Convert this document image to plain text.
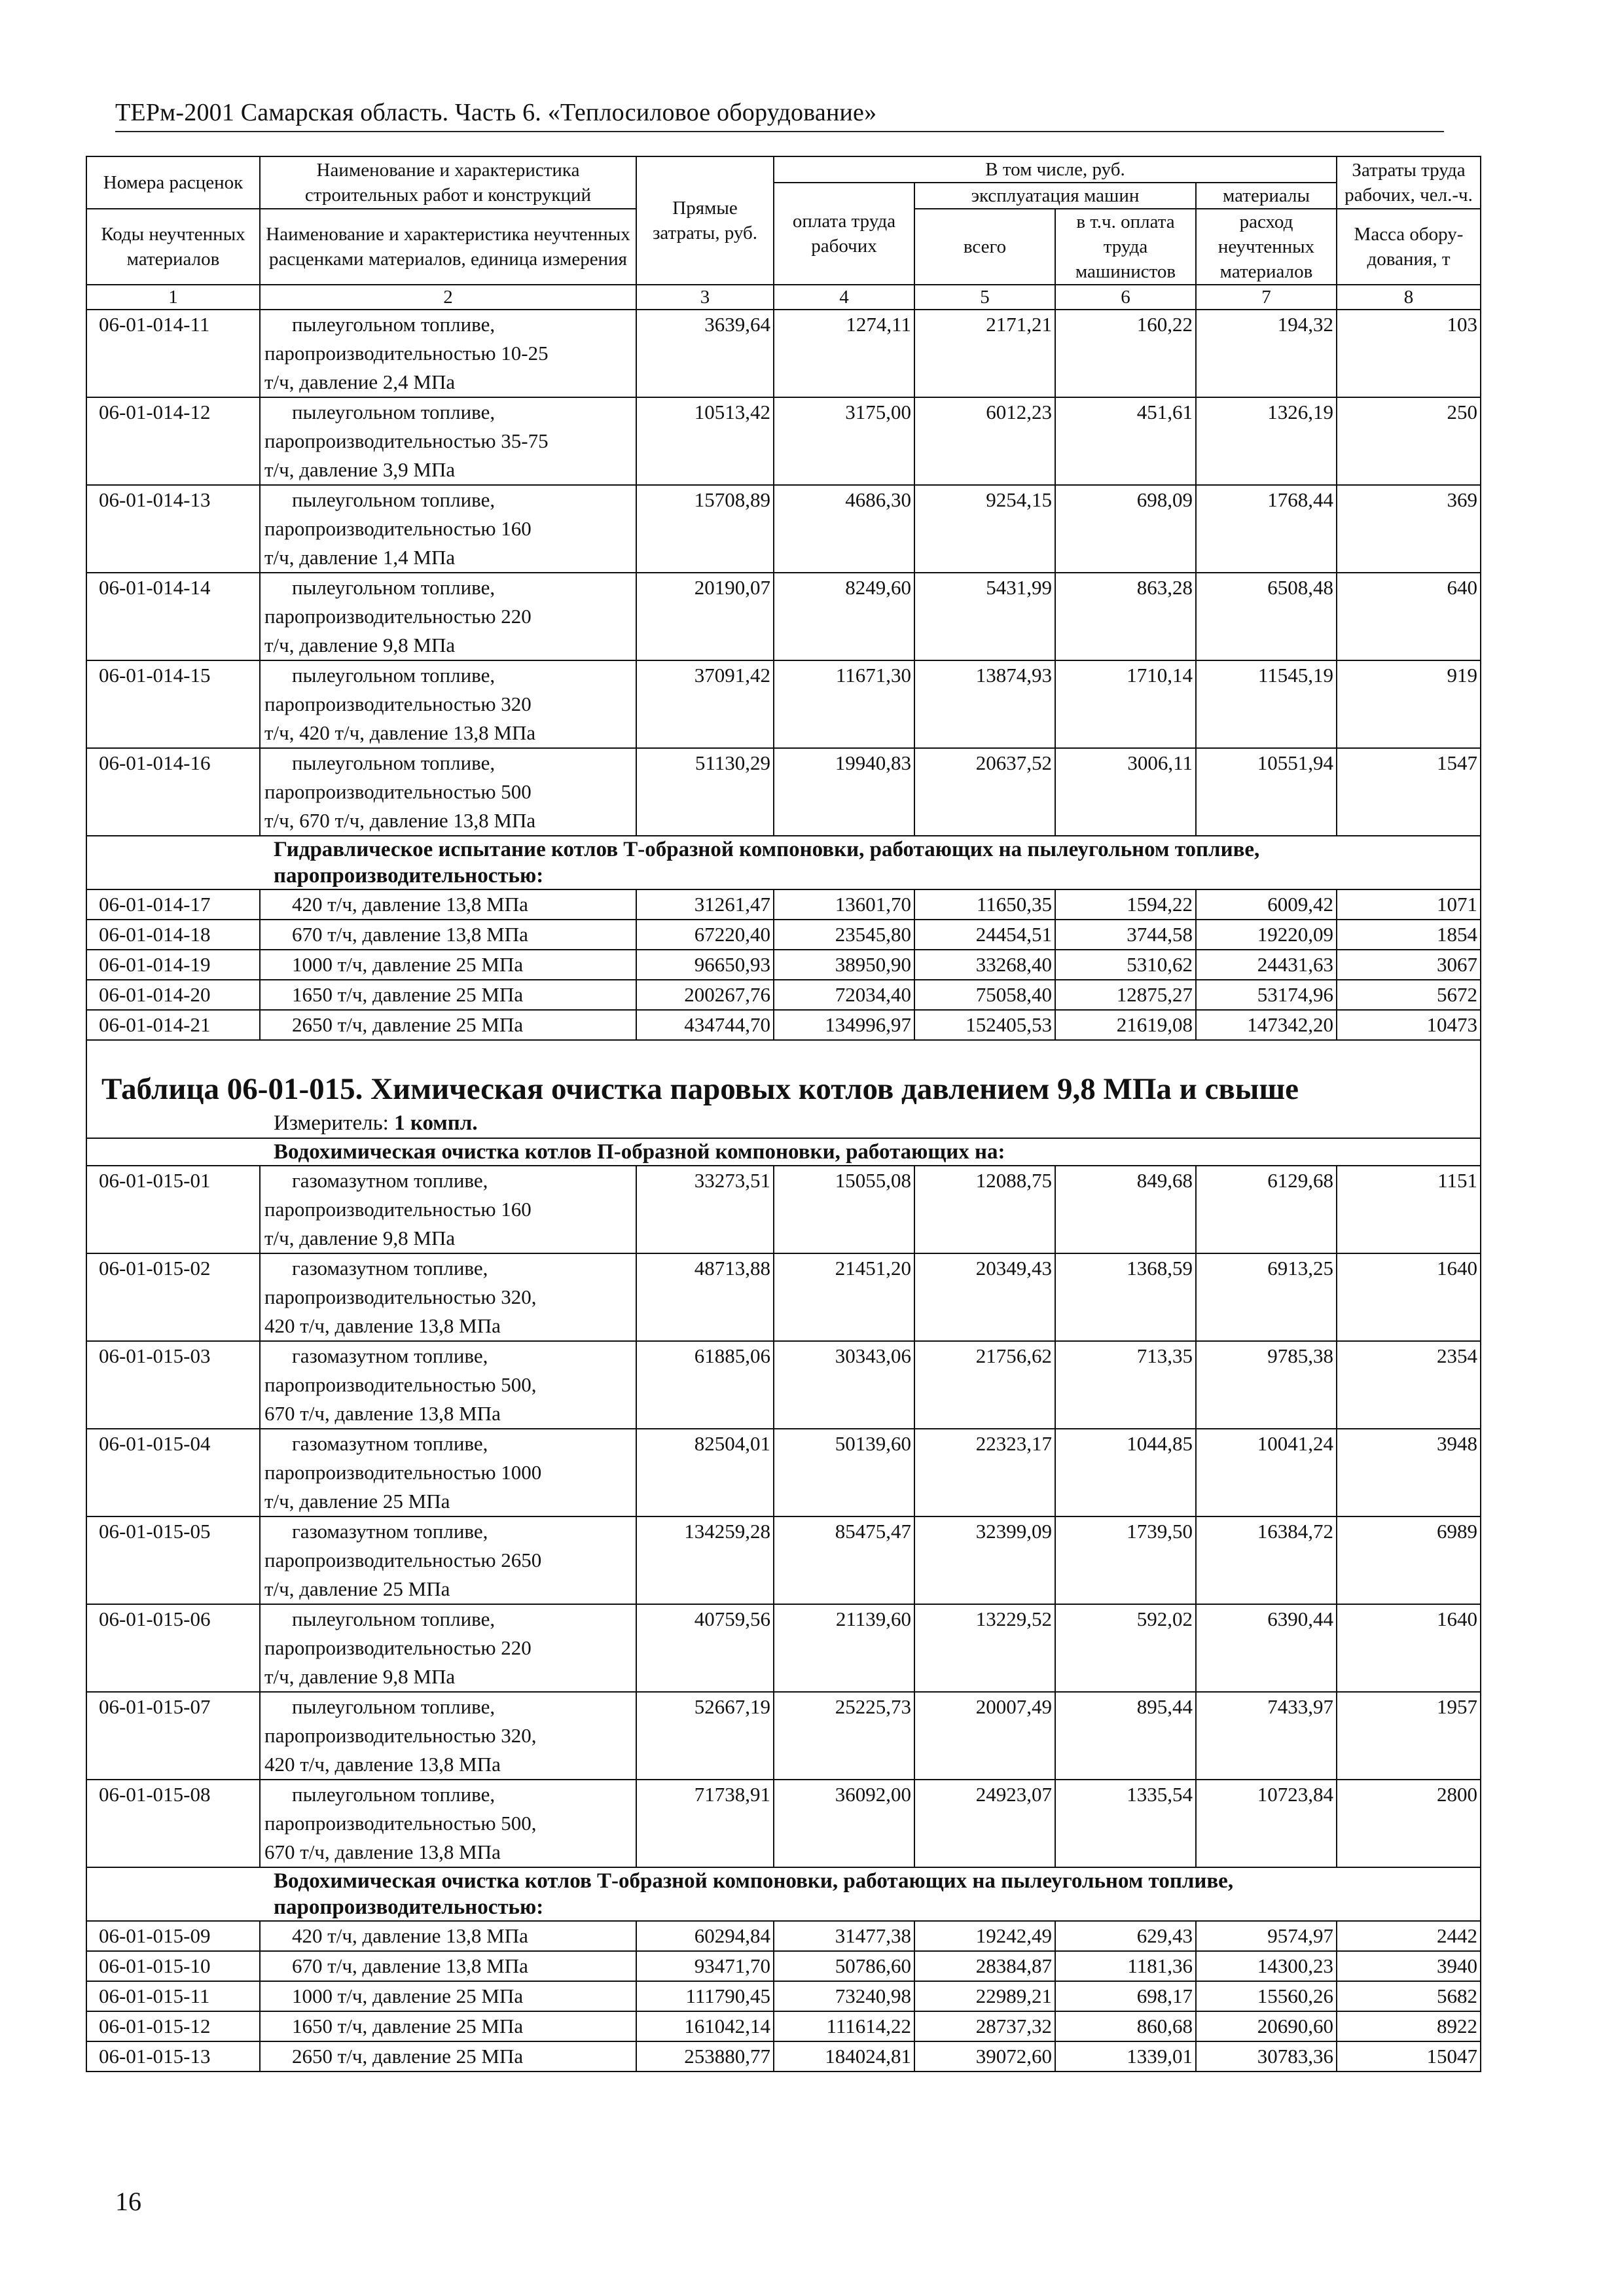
ТЕРм-2001 Самарская область. Часть 6. «Теплосиловое оборудование»
Номера расценок	Наименование и характеристика строительных работ и конструкций	Прямые затраты, руб.	В том числе, руб.				Затраты труда рабочих, чел.-ч.
			оплата труда рабочих	эксплуатация машин		материалы	
Коды неучтенных материалов	Наименование и характеристика неучтенных расценками материалов, единица измерения			всего	в т.ч. оплата труда машинистов	расход неучтенных материалов	
							Масса обору-дования, т
1	2	3	4	5	6	7	8
06-01-014-11	пылеугольном топливе,
паропроизводительностью 10-25
т/ч, давление 2,4 МПа	3639,64	1274,11	2171,21	160,22	194,32	103
06-01-014-12	пылеугольном топливе,
паропроизводительностью 35-75
т/ч, давление 3,9 МПа	10513,42	3175,00	6012,23	451,61	1326,19	250
06-01-014-13	пылеугольном топливе,
паропроизводительностью 160
т/ч, давление 1,4 МПа	15708,89	4686,30	9254,15	698,09	1768,44	369
06-01-014-14	пылеугольном топливе,
паропроизводительностью 220
т/ч, давление 9,8 МПа	20190,07	8249,60	5431,99	863,28	6508,48	640
06-01-014-15	пылеугольном топливе,
паропроизводительностью 320
т/ч, 420 т/ч, давление 13,8 МПа	37091,42	11671,30	13874,93	1710,14	11545,19	919
06-01-014-16	пылеугольном топливе,
паропроизводительностью 500
т/ч, 670 т/ч, давление 13,8 МПа	51130,29	19940,83	20637,52	3006,11	10551,94	1547

Гидравлическое испытание котлов Т-образной компоновки, работающих на пылеугольном топливе,
паропроизводительностью:							

06-01-014-17	420 т/ч, давление 13,8 МПа	31261,47	13601,70	11650,35	1594,22	6009,42	1071
06-01-014-18	670 т/ч, давление 13,8 МПа	67220,40	23545,80	24454,51	3744,58	19220,09	1854
06-01-014-19	1000 т/ч, давление 25 МПа	96650,93	38950,90	33268,40	5310,62	24431,63	3067
06-01-014-20	1650 т/ч, давление 25 МПа	200267,76	72034,40	75058,40	12875,27	53174,96	5672
06-01-014-21	2650 т/ч, давление 25 МПа	434744,70	134996,97	152405,53	21619,08	147342,20	10473

Таблица 06-01-015. Химическая очистка паровых котлов давлением 9,8 МПа и свыше
Измеритель: 1 компл.							

Водохимическая очистка котлов П-образной компоновки, работающих на:							
06-01-015-01	газомазутном топливе,
паропроизводительностью 160
т/ч, давление 9,8 МПа	33273,51	15055,08	12088,75	849,68	6129,68	1151
06-01-015-02	газомазутном топливе,
паропроизводительностью 320,
420 т/ч, давление 13,8 МПа	48713,88	21451,20	20349,43	1368,59	6913,25	1640
06-01-015-03	газомазутном топливе,
паропроизводительностью 500,
670 т/ч, давление 13,8 МПа	61885,06	30343,06	21756,62	713,35	9785,38	2354
06-01-015-04	газомазутном топливе,
паропроизводительностью 1000
т/ч, давление 25 МПа	82504,01	50139,60	22323,17	1044,85	10041,24	3948
06-01-015-05	газомазутном топливе,
паропроизводительностью 2650
т/ч, давление 25 МПа	134259,28	85475,47	32399,09	1739,50	16384,72	6989
06-01-015-06	пылеугольном топливе,
паропроизводительностью 220
т/ч, давление 9,8 МПа	40759,56	21139,60	13229,52	592,02	6390,44	1640
06-01-015-07	пылеугольном топливе,
паропроизводительностью 320,
420 т/ч, давление 13,8 МПа	52667,19	25225,73	20007,49	895,44	7433,97	1957
06-01-015-08	пылеугольном топливе,
паропроизводительностью 500,
670 т/ч, давление 13,8 МПа	71738,91	36092,00	24923,07	1335,54	10723,84	2800

Водохимическая очистка котлов Т-образной компоновки, работающих на пылеугольном топливе,
паропроизводительностью:							

06-01-015-09	420 т/ч, давление 13,8 МПа	60294,84	31477,38	19242,49	629,43	9574,97	2442
06-01-015-10	670 т/ч, давление 13,8 МПа	93471,70	50786,60	28384,87	1181,36	14300,23	3940
06-01-015-11	1000 т/ч, давление 25 МПа	111790,45	73240,98	22989,21	698,17	15560,26	5682
06-01-015-12	1650 т/ч, давление 25 МПа	161042,14	111614,22	28737,32	860,68	20690,60	8922
06-01-015-13	2650 т/ч, давление 25 МПа	253880,77	184024,81	39072,60	1339,01	30783,36	15047
16
